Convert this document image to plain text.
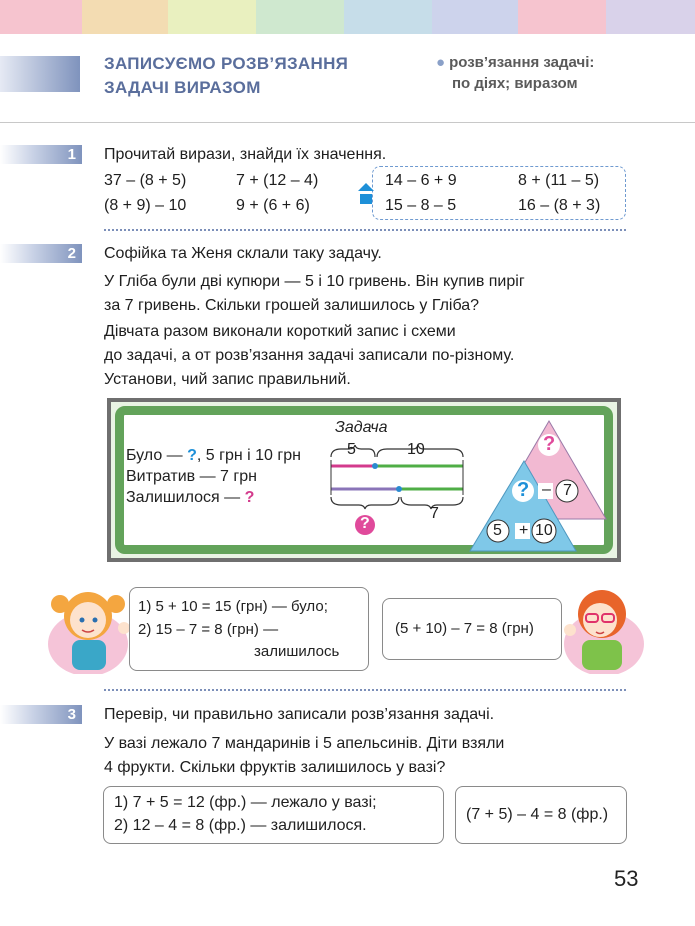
ЗАПИСУЄМО РОЗВ’ЯЗАННЯ
ЗАДАЧІ ВИРАЗОМ
● розв’язання задачі:
по діях; виразом
1 Прочитай вирази, знайди їх значення.
37 – (8 + 5)	7 + (12 – 4)	14 – 6 + 9	8 + (11 – 5)
(8 + 9) – 10	9 + (6 + 6)	15 – 8 – 5	16 – (8 + 3)
2 Софійка та Женя склали таку задачу.
У Гліба були дві купюри — 5 і 10 гривень. Він купив пиріг
за 7 гривень. Скільки грошей залишилось у Гліба?
Дівчата разом виконали короткий запис і схеми
до задачі, а от розв’язання задачі записали по-різному.
Установи, чий запис правильний.
Задача
Було — ?, 5 грн і 10 грн
Витратив — 7 грн
Залишилося — ?
5	10
7
?
?
? – 7
5 + 10
1) 5 + 10 = 15 (грн) — було;
2) 15 – 7 = 8 (грн) —
залишилось
(5 + 10) – 7 = 8 (грн)
3 Перевір, чи правильно записали розв’язання задачі.
У вазі лежало 7 мандаринів і 5 апельсинів. Діти взяли
4 фрукти. Скільки фруктів залишилось у вазі?
1) 7 + 5 = 12 (фр.) — лежало у вазі;
2) 12 – 4 = 8 (фр.) — залишилося.
(7 + 5) – 4 = 8 (фр.)
53
